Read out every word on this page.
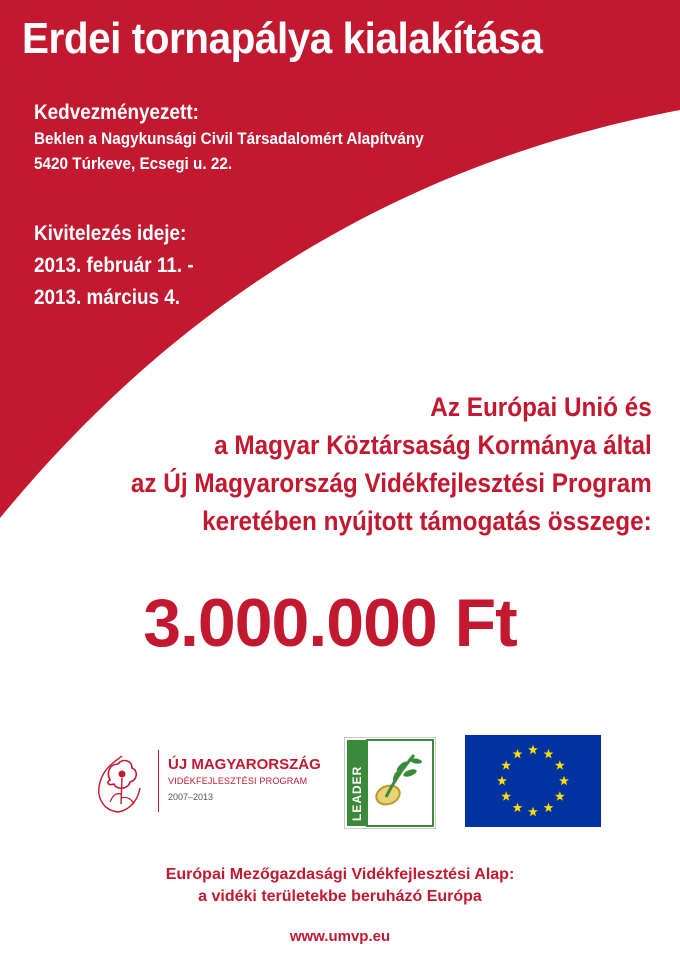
Erdei tornapálya kialakítása
Kedvezményezett:
Beklen a Nagykunsági Civil Társadalomért Alapítvány
5420 Túrkeve, Ecsegi u. 22.
Kivitelezés ideje:
2013. február 11. -
2013. március 4.
Az Európai Unió és
a Magyar Köztársaság Kormánya által
az Új Magyarország Vidékfejlesztési Program
keretében nyújtott támogatás összege:
3.000.000 Ft
ÚJ MAGYARORSZÁG
VIDÉKFEJLESZTÉSI PROGRAM
2007–2013	LEADER
Európai Mezőgazdasági Vidékfejlesztési Alap:
a vidéki területekbe beruházó Európa
www.umvp.eu
